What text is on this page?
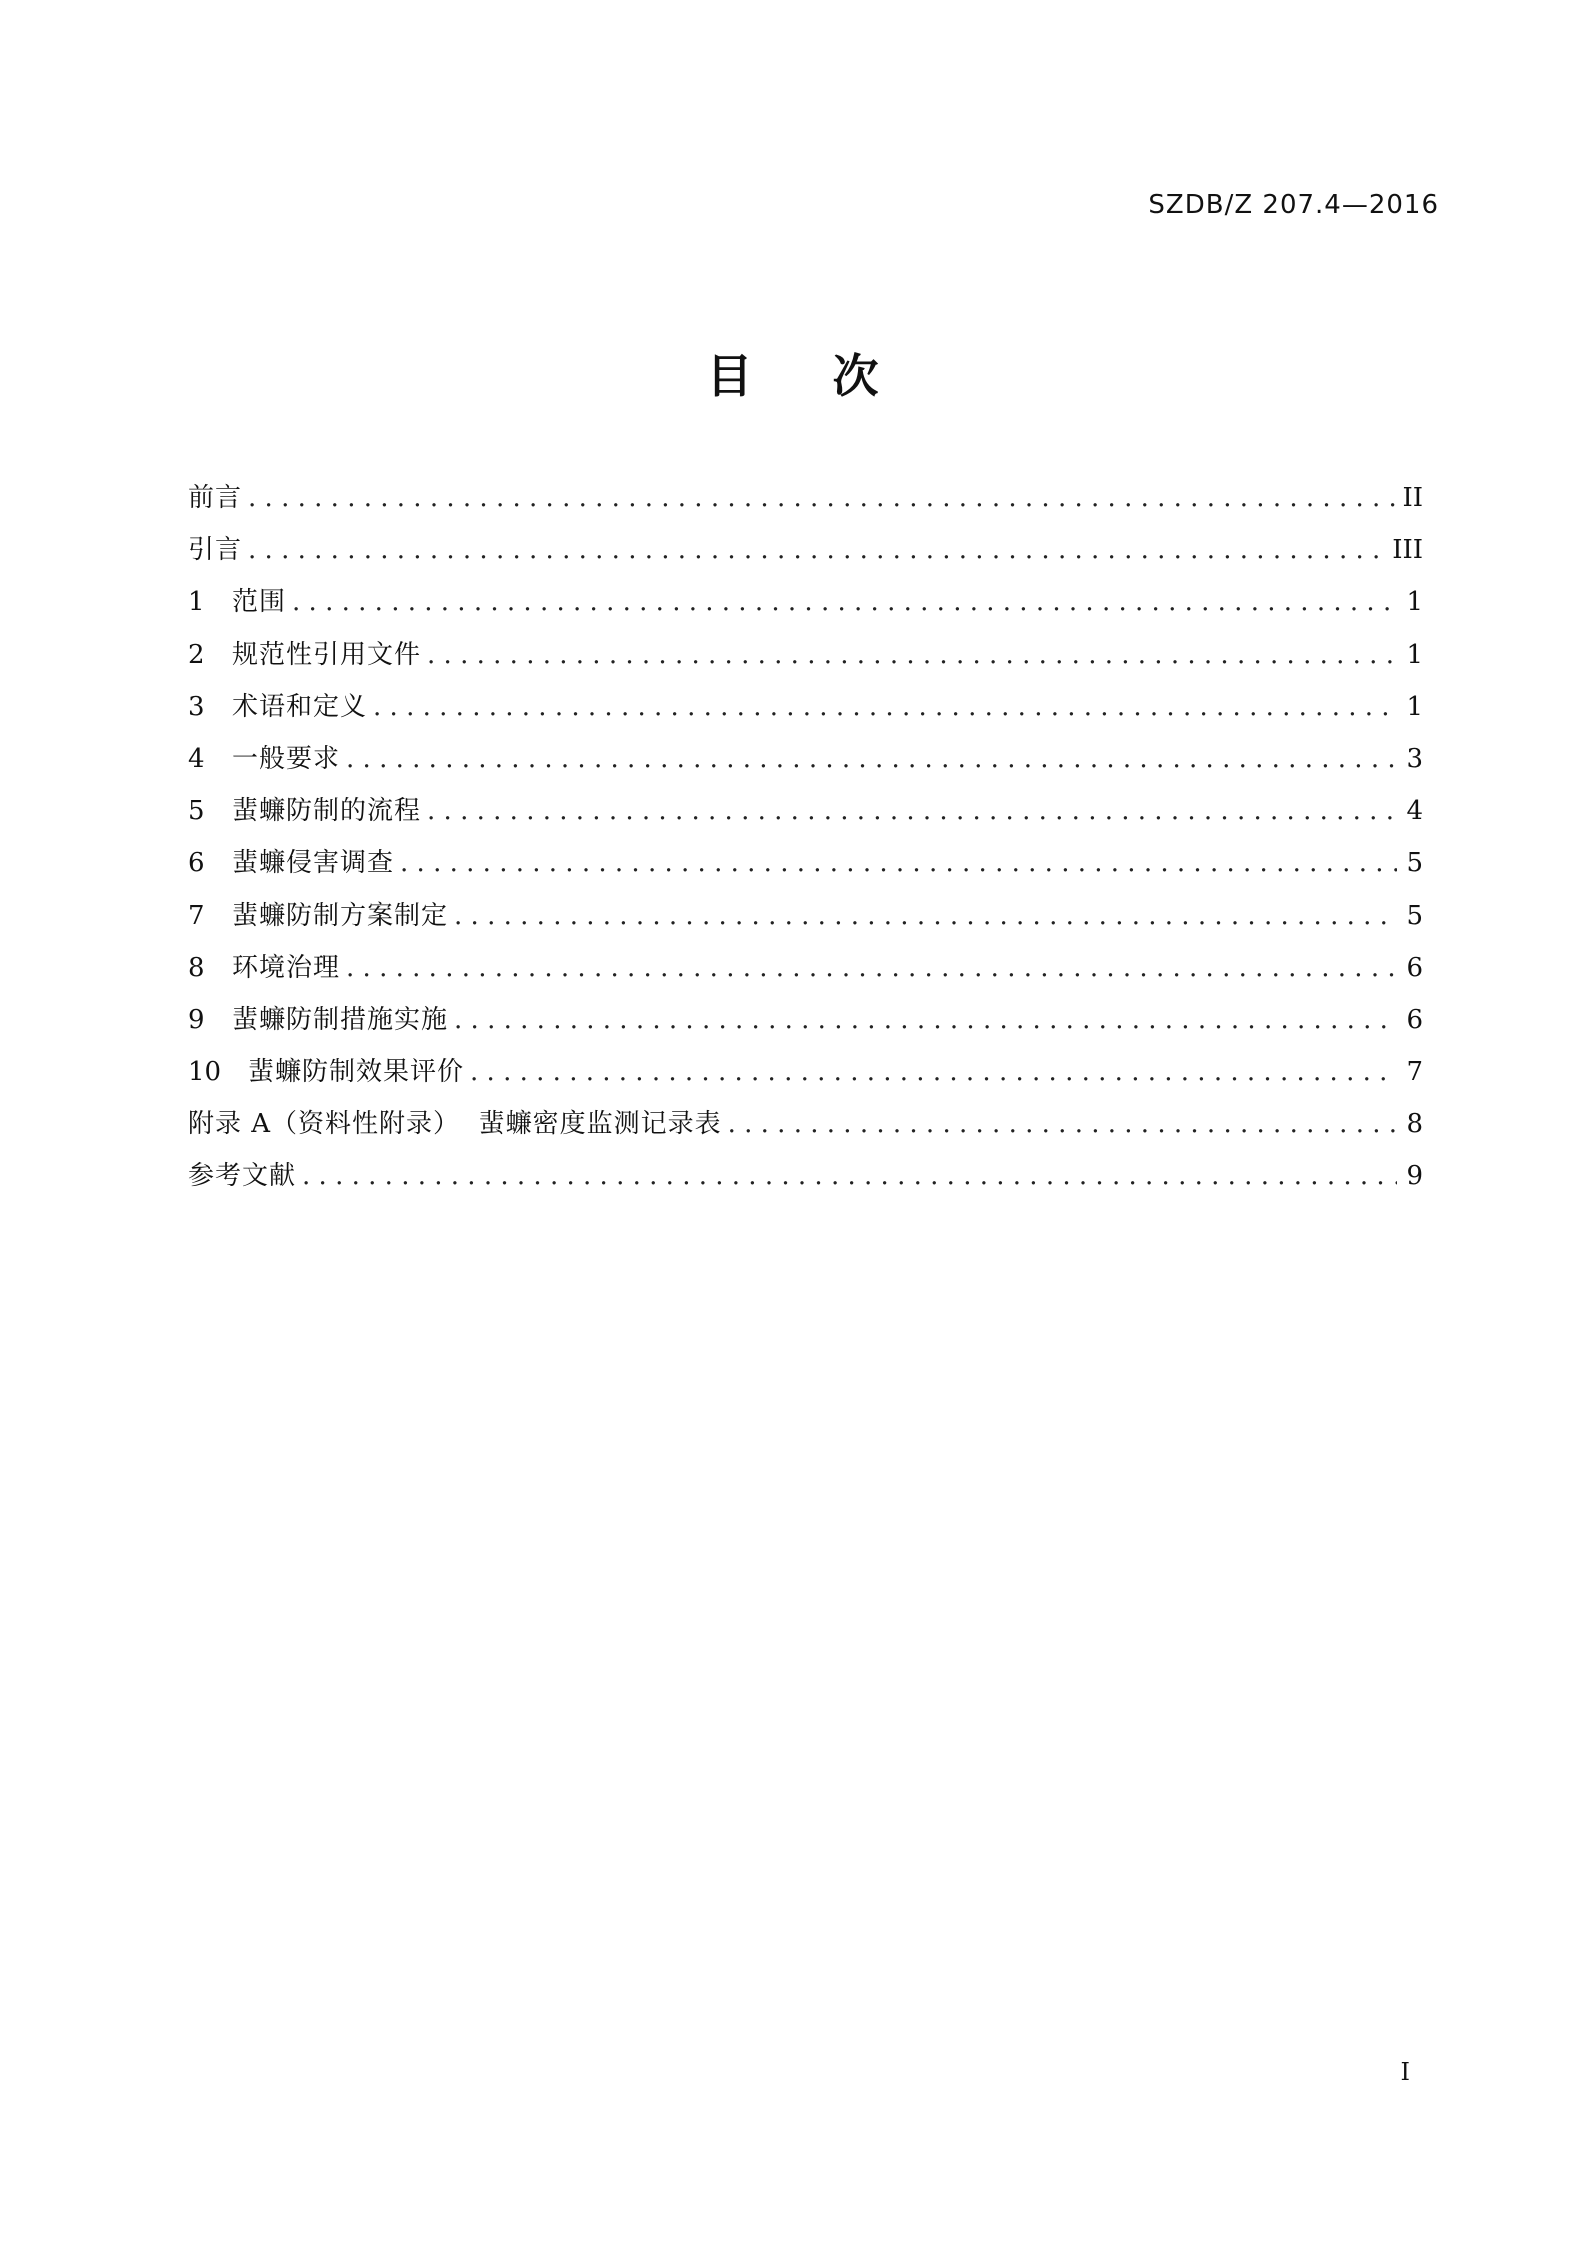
SZDB/Z 207.4—2016
目 次
前言 . . .	II
引言 . . .	III
1	范围 . . .	1
2	规范性引用文件 . . .	1
3	术语和定义 . . .	1
4	一般要求 . . .	3
5	蜚蠊防制的流程 . . .	4
6	蜚蠊侵害调查 . . .	5
7	蜚蠊防制方案制定 . . .	5
8	环境治理 . . .	6
9	蜚蠊防制措施实施 . . .	6
10	蜚蠊防制效果评价 . . .	7
附录 A（资料性附录）  蜚蠊密度监测记录表 . . .	8
参考文献 . . .	9
I
